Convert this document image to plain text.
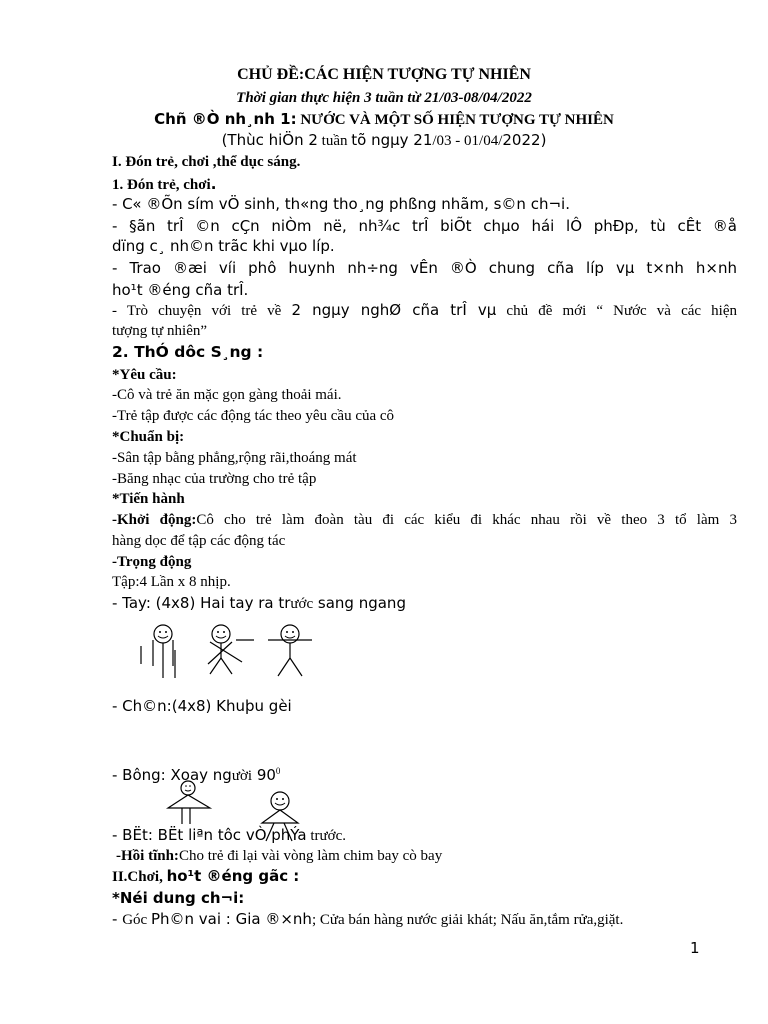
CHỦ ĐỀ:CÁC HIỆN TƯỢNG TỰ NHIÊN
Thời gian thực hiện 3 tuần từ 21/03-08/04/2022
Chñ ®Ò nh¸nh 1: NƯỚC VÀ MỘT SỐ HIỆN TƯỢNG TỰ NHIÊN
(Thùc hiÖn 2 tuần tõ ngµy 21/03 - 01/04/2022)
I. Đón trẻ, chơi ,thể dục sáng.
1. Đón trẻ, chơi.
- C« ®Õn sím vÖ sinh, th«ng tho¸ng phßng nhãm, s©n ch¬i.
- §ãn trÎ ©n cÇn niÒm në, nh¾c trÎ biÕt chµo hái lÔ phÐp, tù cÊt ®å
dïng c¸ nh©n trãc khi vµo líp.
- Trao ®æi víi phô huynh nh÷ng vÊn ®Ò chung cña líp vµ t×nh h×nh
ho¹t ®éng cña trÎ.
- Trò chuyện với trẻ về 2 ngµy nghØ cña trÎ vµ chủ đề mới “ Nước và các hiện
tượng tự nhiên”
2. ThÓ dôc S¸ng :
*Yêu cầu:
-Cô và trẻ ăn mặc gọn gàng thoải mái.
-Trẻ tập được các động tác theo yêu cầu của cô
*Chuẩn bị:
-Sân tập bằng phẳng,rộng rãi,thoáng mát
-Băng nhạc của trường cho trẻ tập
*Tiến hành
-Khởi động:Cô cho trẻ làm đoàn tàu đi các kiểu đi khác nhau rồi về theo 3 tổ làm 3
hàng dọc để tập các động tác
-Trọng động
Tập:4 Lần x 8 nhịp.
- Tay: (4x8) Hai tay ra trước sang ngang
- Ch©n:(4x8) Khuþu gèi
- Bông: Xoay người $90^0$
- BËt: BËt liªn tôc vÒ phÝa trước.
-Hồi tĩnh:Cho trẻ đi lại vài vòng làm chim bay cò bay
II.Chơi, ho¹t ®éng gãc :
*Néi dung ch¬i:
- Góc Ph©n vai : Gia ®×nh; Cửa bán hàng nước giải khát; Nấu ăn,tắm rửa,giặt.
1
